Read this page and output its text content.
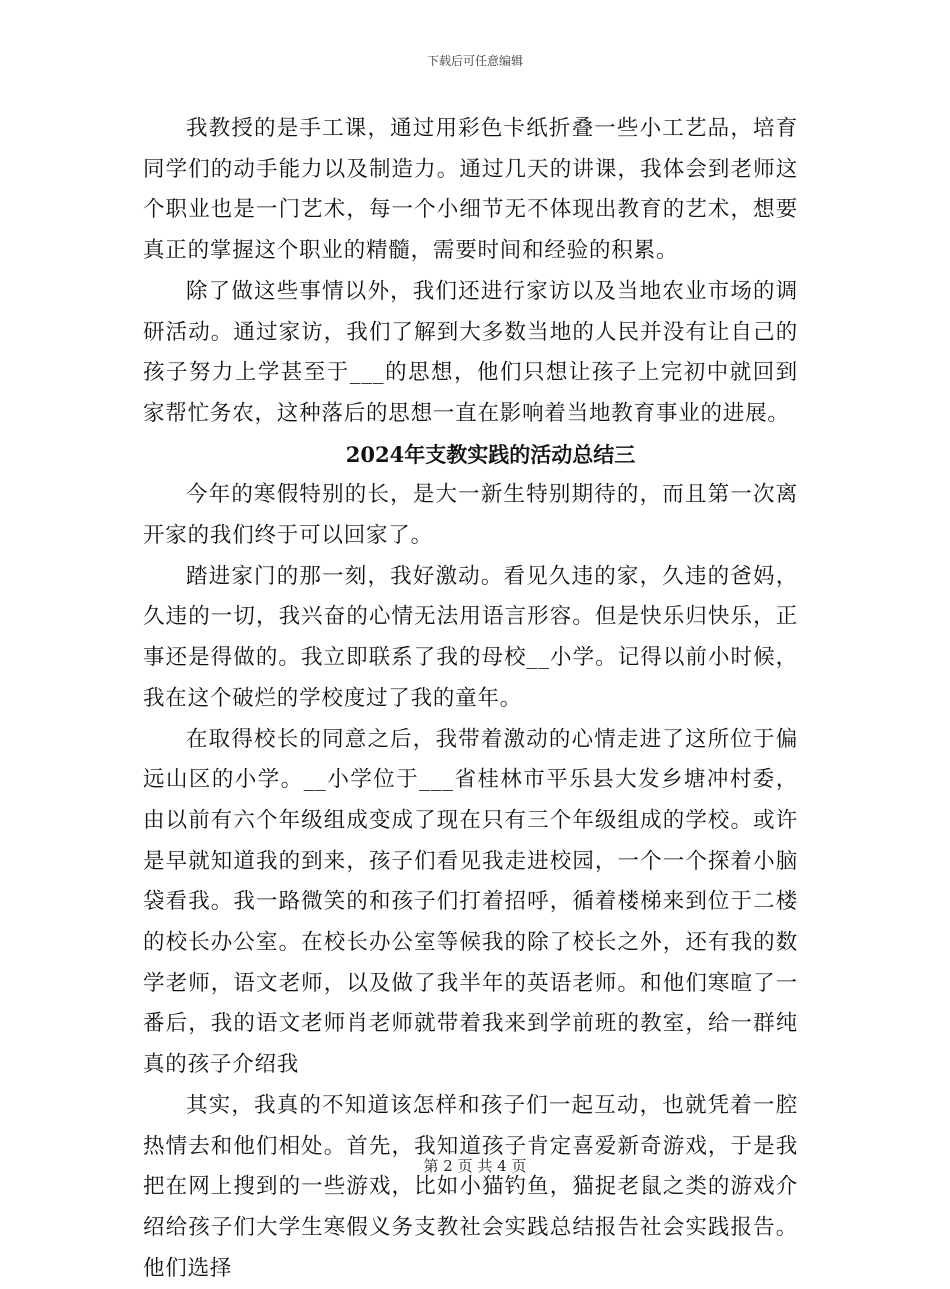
下载后可任意编辑

我教授的是手工课，通过用彩色卡纸折叠一些小工艺品，培育同学们的动手能力以及制造力。通过几天的讲课，我体会到老师这个职业也是一门艺术，每一个小细节无不体现出教育的艺术，想要真正的掌握这个职业的精髓，需要时间和经验的积累。

除了做这些事情以外，我们还进行家访以及当地农业市场的调研活动。通过家访，我们了解到大多数当地的人民并没有让自己的孩子努力上学甚至于___的思想，他们只想让孩子上完初中就回到家帮忙务农，这种落后的思想一直在影响着当地教育事业的进展。

2024年支教实践的活动总结三

今年的寒假特别的长，是大一新生特别期待的，而且第一次离开家的我们终于可以回家了。

踏进家门的那一刻，我好激动。看见久违的家，久违的爸妈，久违的一切，我兴奋的心情无法用语言形容。但是快乐归快乐，正事还是得做的。我立即联系了我的母校__小学。记得以前小时候，我在这个破烂的学校度过了我的童年。

在取得校长的同意之后，我带着激动的心情走进了这所位于偏远山区的小学。__小学位于___省桂林市平乐县大发乡塘冲村委，由以前有六个年级组成变成了现在只有三个年级组成的学校。或许是早就知道我的到来，孩子们看见我走进校园，一个一个探着小脑袋看我。我一路微笑的和孩子们打着招呼，循着楼梯来到位于二楼的校长办公室。在校长办公室等候我的除了校长之外，还有我的数学老师，语文老师，以及做了我半年的英语老师。和他们寒暄了一番后，我的语文老师肖老师就带着我来到学前班的教室，给一群纯真的孩子介绍我

其实，我真的不知道该怎样和孩子们一起互动，也就凭着一腔热情去和他们相处。首先，我知道孩子肯定喜爱新奇游戏，于是我把在网上搜到的一些游戏，比如小猫钓鱼，猫捉老鼠之类的游戏介绍给孩子们大学生寒假义务支教社会实践总结报告社会实践报告。他们选择

第 2 页 共 4 页
